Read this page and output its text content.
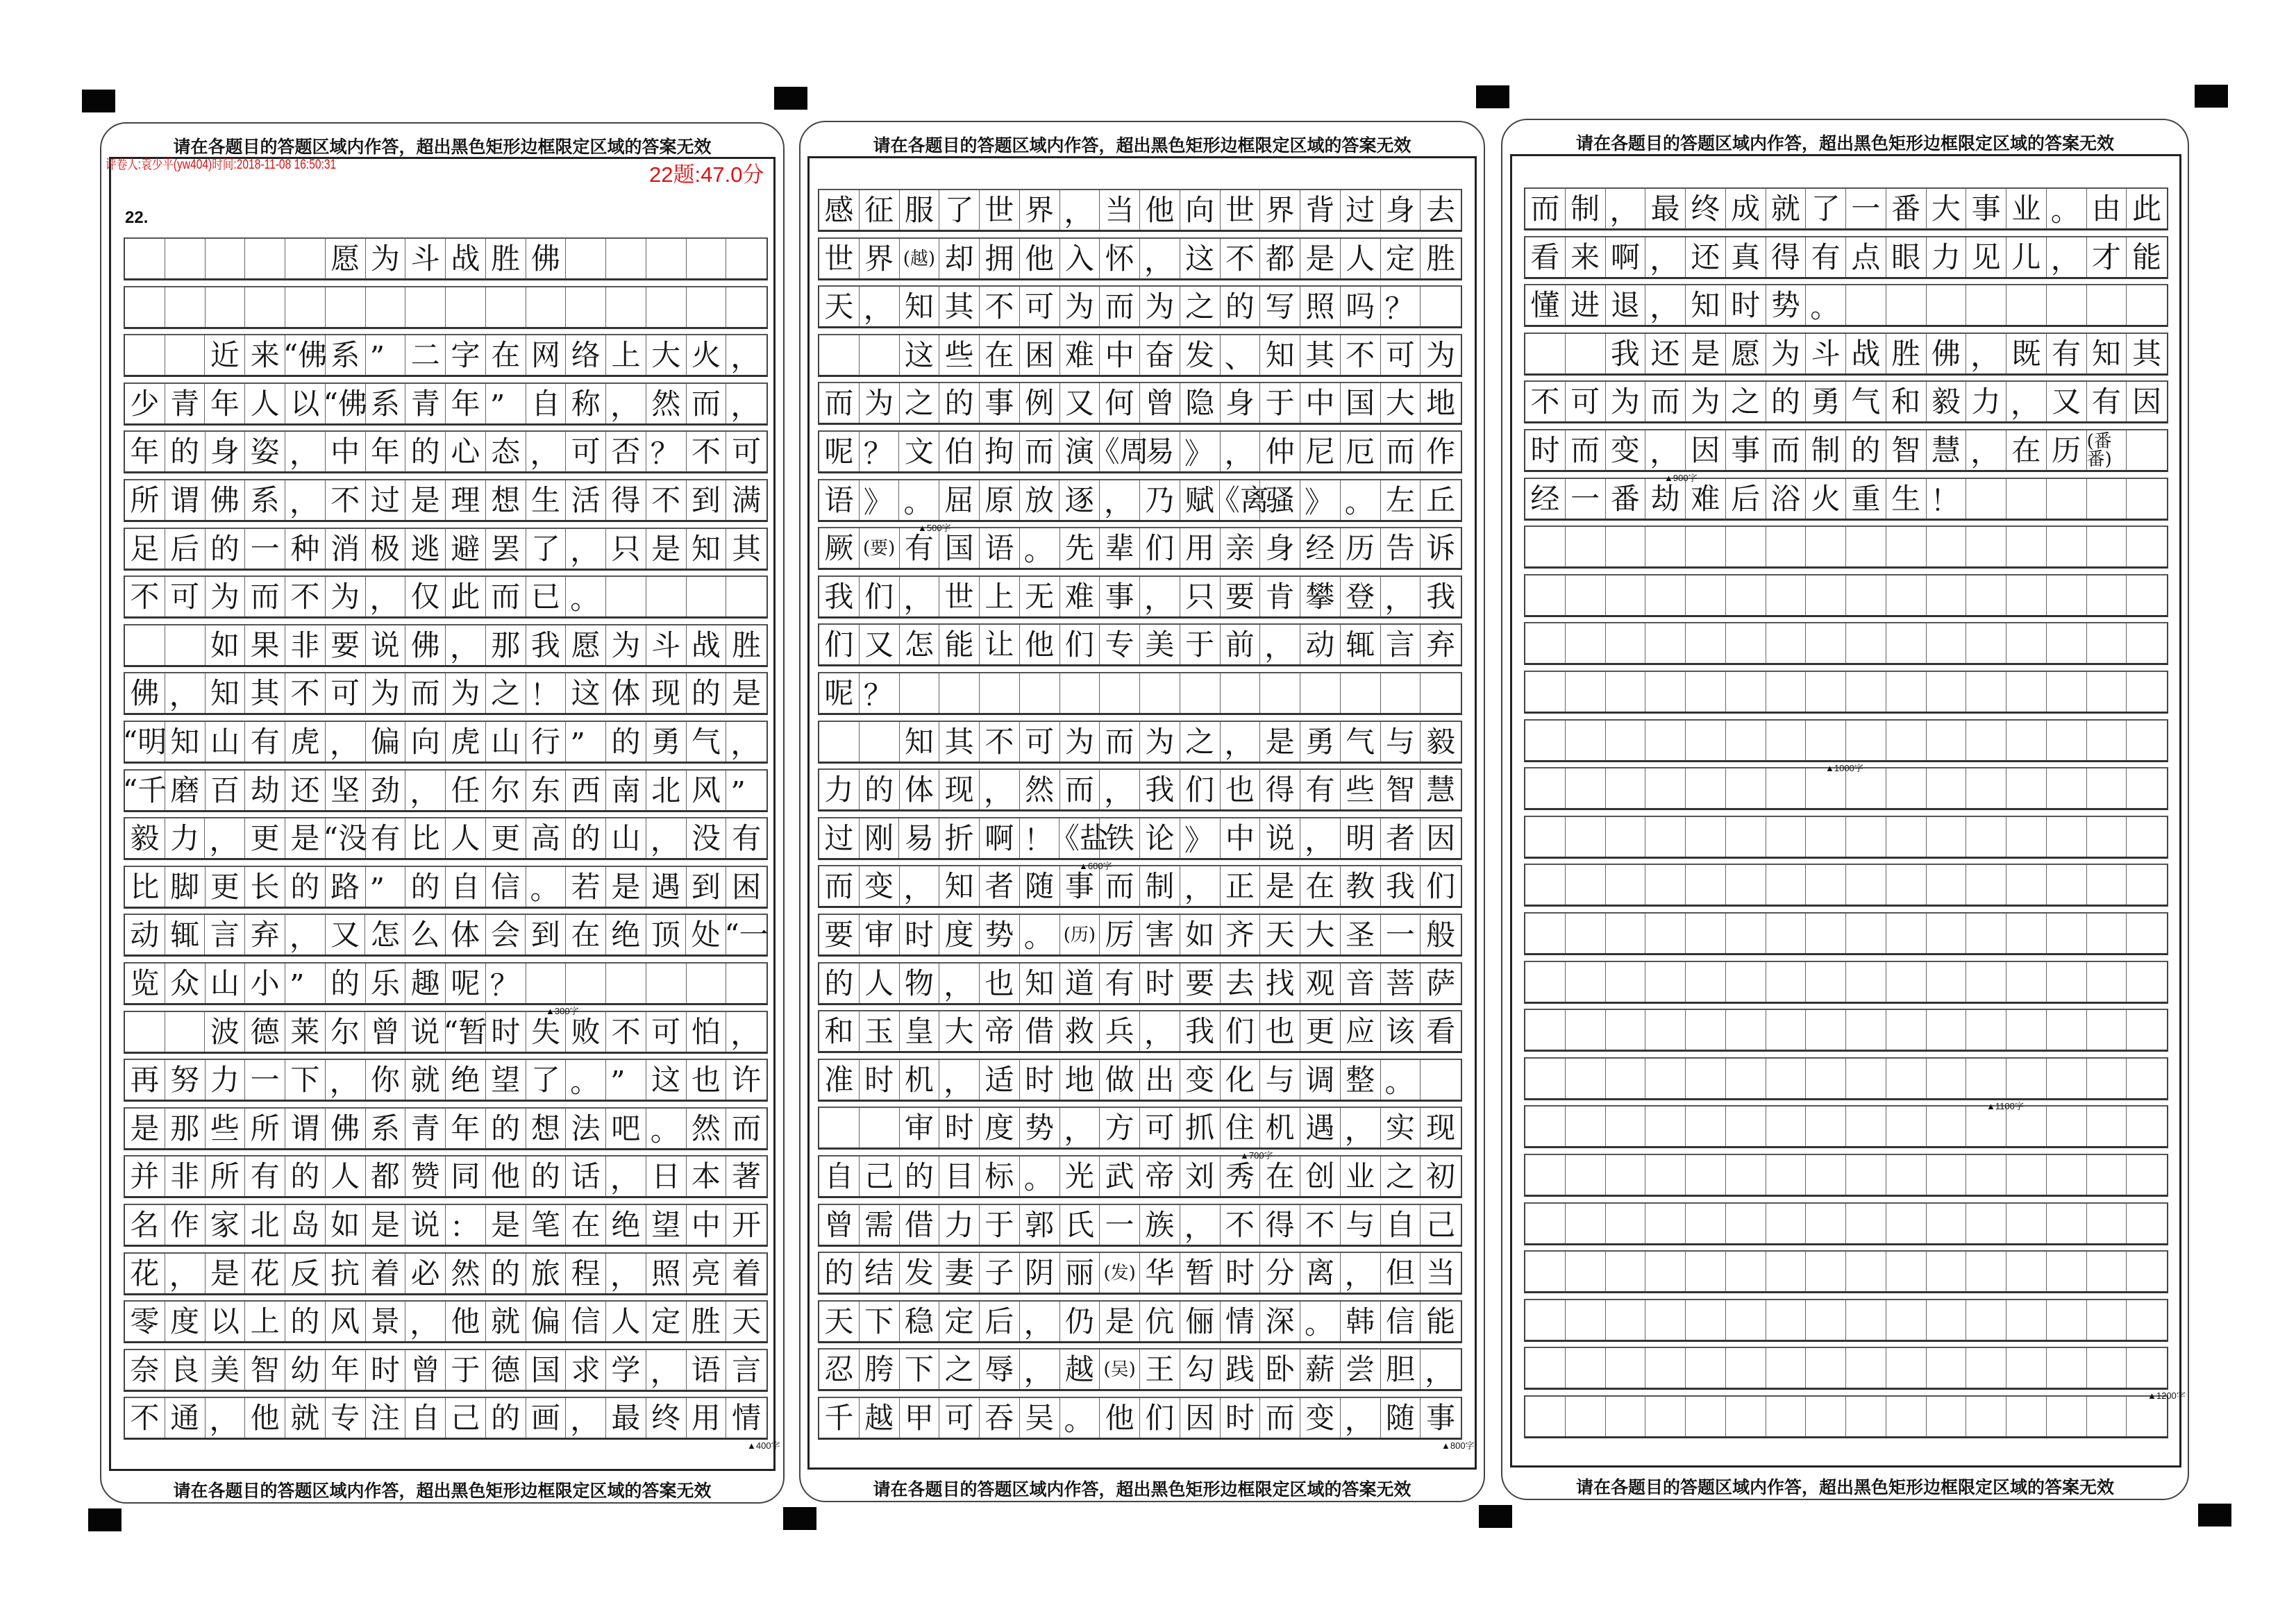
请在各题目的答题区域内作答，超出黑色矩形边框限定区域的答案无效
请在各题目的答题区域内作答，超出黑色矩形边框限定区域的答案无效
请在各题目的答题区域内作答，超出黑色矩形边框限定区域的答案无效
请在各题目的答题区域内作答，超出黑色矩形边框限定区域的答案无效
请在各题目的答题区域内作答，超出黑色矩形边框限定区域的答案无效
请在各题目的答题区域内作答，超出黑色矩形边框限定区域的答案无效
评卷人:袁少平(yw404)时间:2018-11-08 16:50:31	22题:47.0分
22.
愿 为 斗 战 胜 佛
近 来 “佛 系 ” 二 字 在 网 络 上 大 火 ，
少 青 年 人 以 “佛 系 青 年 ” 自 称 ， 然 而 ，
年 的 身 姿 ， 中 年 的 心 态 ， 可 否 ？ 不 可
所 谓 佛 系 ， 不 过 是 理 想 生 活 得 不 到 满
足 后 的 一 种 消 极 逃 避 罢 了 ， 只 是 知 其
不 可 为 而 不 为 ， 仅 此 而 已 。
如 果 非 要 说 佛 ， 那 我 愿 为 斗 战 胜
佛 ， 知 其 不 可 为 而 为 之 ！ 这 体 现 的 是
“明 知 山 有 虎 ， 偏 向 虎 山 行 ” 的 勇 气 ，
“千 磨 百 劫 还 坚 劲 ， 任 尔 东 西 南 北 风 ”
毅 力 ， 更 是 “没 有 比 人 更 高 的 山 ， 没 有
比 脚 更 长 的 路 ” 的 自 信 。 若 是 遇 到 困
动 辄 言 弃 ， 又 怎 么 体 会 到 在 绝 顶 处 “一
览 众 山 小 ” 的 乐 趣 呢 ？
波 德 莱 尔 曾 说 “暂 时 失 败 不 可 怕 ，
再 努 力 一 下 ， 你 就 绝 望 了 。 ” 这 也 许
是 那 些 所 谓 佛 系 青 年 的 想 法 吧 。 然 而
并 非 所 有 的 人 都 赞 同 他 的 话 ， 日 本 著
名 作 家 北 岛 如 是 说 ： 是 笔 在 绝 望 中 开
花 ， 是 花 反 抗 着 必 然 的 旅 程 ， 照 亮 着
零 度 以 上 的 风 景 ， 他 就 偏 信 人 定 胜 天
奈 良 美 智 幼 年 时 曾 于 德 国 求 学 ， 语 言
不 通 ， 他 就 专 注 自 己 的 画 ， 最 终 用 情
感 征 服 了 世 界 ， 当 他 向 世 界 背 过 身 去
世 界 (越) 却 拥 他 入 怀 ， 这 不 都 是 人 定 胜
天 ， 知 其 不 可 为 而 为 之 的 写 照 吗 ？
这 些 在 困 难 中 奋 发 、 知 其 不 可 为
而 为 之 的 事 例 又 何 曾 隐 身 于 中 国 大 地
呢 ？ 文 伯 拘 而 演
《周
易 》 ， 仲 尼 厄 而 作
语 》 。 屈 原 放 逐 ， 乃 赋
《离
骚 》 。 左 丘
厥 (要) 有 国 语 。 先 辈 们 用 亲 身 经 历 告 诉
我 们 ， 世 上 无 难 事 ， 只 要 肯 攀 登 ， 我
们 又 怎 能 让 他 们 专 美 于 前 ， 动 辄 言 弃
呢 ？
知 其 不 可 为 而 为 之 ， 是 勇 气 与 毅
力 的 体 现 ， 然 而 ， 我 们 也 得 有 些 智 慧
过 刚 易 折 啊 ！
《盐
铁 论 》 中 说 ， 明 者 因
而 变 ， 知 者 随 事 而 制 ， 正 是 在 教 我 们
要 审 时 度 势 。 (历) 厉 害 如 齐 天 大 圣 一 般
的 人 物 ， 也 知 道 有 时 要 去 找 观 音 菩 萨
和 玉 皇 大 帝 借 救 兵 ， 我 们 也 更 应 该 看
准 时 机 ， 适 时 地 做 出 变 化 与 调 整 。
审 时 度 势 ， 方 可 抓 住 机 遇 ， 实 现
自 己 的 目 标 。 光 武 帝 刘 秀 在 创 业 之 初
曾 需 借 力 于 郭 氏 一 族 ， 不 得 不 与 自 己
的 结 发 妻 子 阴 丽 (发) 华 暂 时 分 离 ， 但 当
天 下 稳 定 后 ， 仍 是 伉 俪 情 深 。 韩 信 能
忍 胯 下 之 辱 ， 越 (吴) 王 勾 践 卧 薪 尝 胆 ，
千 越 甲 可 吞 吴 。 他 们 因 时 而 变 ， 随 事
而 制 ， 最 终 成 就 了 一 番 大 事 业 。 由 此
看 来 啊 ， 还 真 得 有 点 眼 力 见 儿 ， 才 能
懂 进 退 ， 知 时 势 。
我 还 是 愿 为 斗 战 胜 佛 ， 既 有 知 其
不 可 为 而 为 之 的 勇 气 和 毅 力 ， 又 有 因
时 而 变 ， 因 事 而 制 的 智 慧 ， 在 历 (番番)
经 一 番 劫 难 后 浴 火 重 生 ！
▲300字
▲400字
▲500字
▲600字
▲700字
▲800字
▲900字
▲1000字
▲1100字
▲1200字
